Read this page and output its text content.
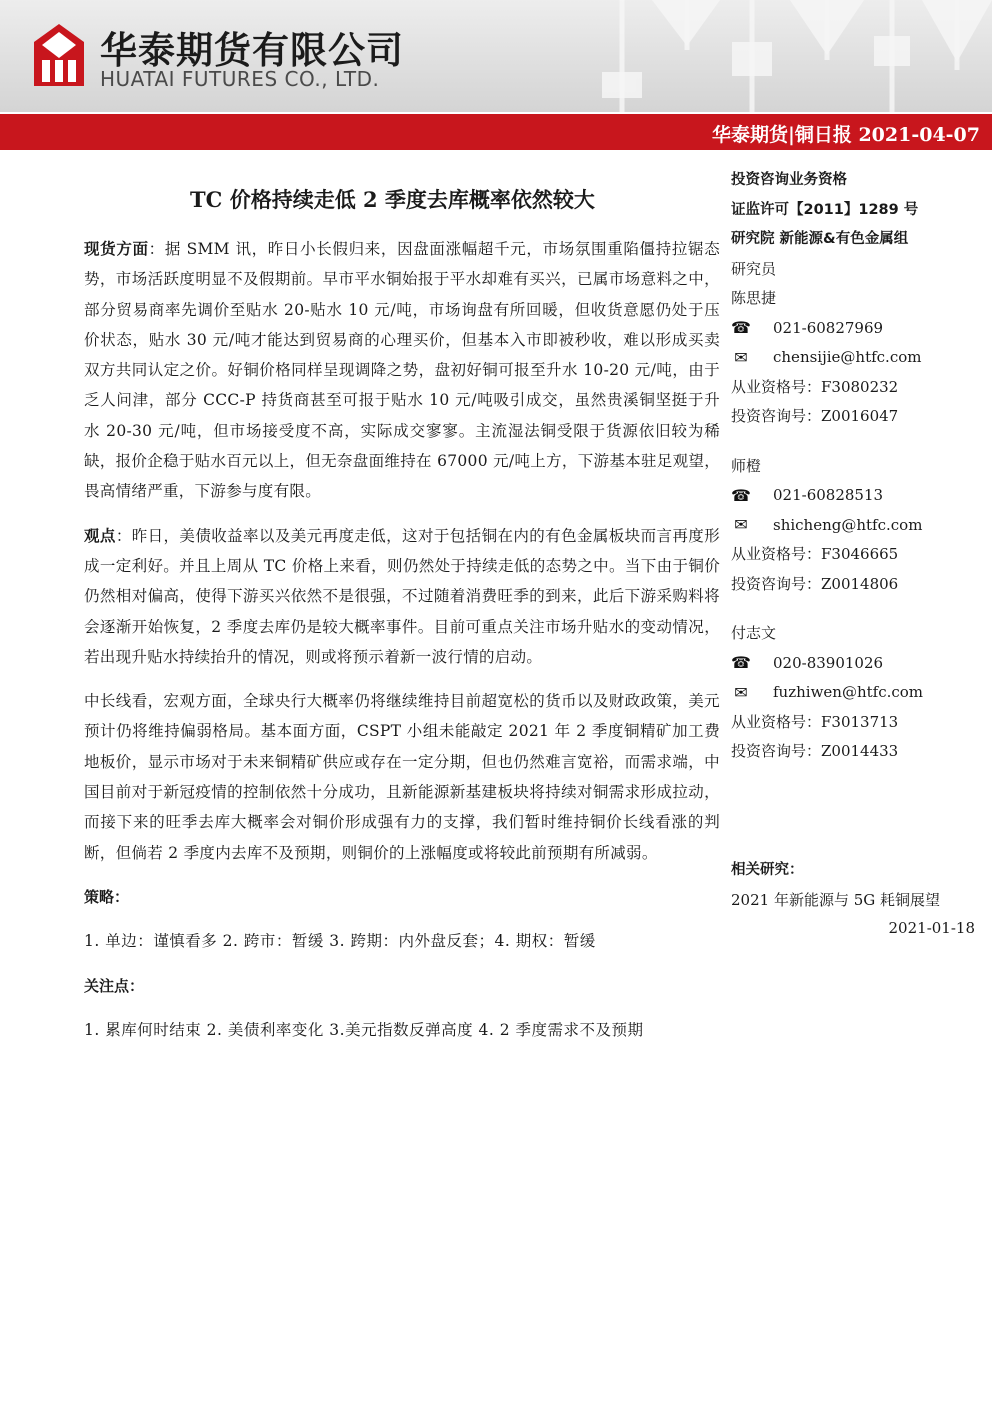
华泰期货有限公司
HUATAI FUTURES CO., LTD.
华泰期货|铜日报 2021-04-07
TC 价格持续走低 2 季度去库概率依然较大

现货方面：据 SMM 讯，昨日小长假归来，因盘面涨幅超千元，市场氛围重陷僵持拉锯态势，市场活跃度明显不及假期前。早市平水铜始报于平水却难有买兴，已属市场意料之中，部分贸易商率先调价至贴水 20-贴水 10 元/吨，市场询盘有所回暖，但收货意愿仍处于压价状态，贴水 30 元/吨才能达到贸易商的心理买价，但基本入市即被秒收，难以形成买卖双方共同认定之价。好铜价格同样呈现调降之势，盘初好铜可报至升水 10-20 元/吨，由于乏人问津，部分 CCC-P 持货商甚至可报于贴水 10 元/吨吸引成交，虽然贵溪铜坚挺于升水 20-30 元/吨，但市场接受度不高，实际成交寥寥。主流湿法铜受限于货源依旧较为稀缺，报价企稳于贴水百元以上，但无奈盘面维持在 67000 元/吨上方，下游基本驻足观望，畏高情绪严重，下游参与度有限。

观点：昨日，美债收益率以及美元再度走低，这对于包括铜在内的有色金属板块而言再度形成一定利好。并且上周从 TC 价格上来看，则仍然处于持续走低的态势之中。当下由于铜价仍然相对偏高，使得下游买兴依然不是很强，不过随着消费旺季的到来，此后下游采购料将会逐渐开始恢复，2 季度去库仍是较大概率事件。目前可重点关注市场升贴水的变动情况，若出现升贴水持续抬升的情况，则或将预示着新一波行情的启动。

中长线看，宏观方面，全球央行大概率仍将继续维持目前超宽松的货币以及财政政策，美元预计仍将维持偏弱格局。基本面方面，CSPT 小组未能敲定 2021 年 2 季度铜精矿加工费地板价，显示市场对于未来铜精矿供应或存在一定分期，但也仍然难言宽裕，而需求端，中国目前对于新冠疫情的控制依然十分成功，且新能源新基建板块将持续对铜需求形成拉动，而接下来的旺季去库大概率会对铜价形成强有力的支撑，我们暂时维持铜价长线看涨的判断，但倘若 2 季度内去库不及预期，则铜价的上涨幅度或将较此前预期有所减弱。

策略：
1. 单边：谨慎看多 2. 跨市：暂缓 3. 跨期：内外盘反套；4. 期权：暂缓
关注点：
1. 累库何时结束 2. 美债利率变化 3.美元指数反弹高度 4. 2 季度需求不及预期
投资咨询业务资格
证监许可【2011】1289 号
研究院 新能源&有色金属组
研究员
陈思捷
☎ 021-60827969
✉ chensijie@htfc.com
从业资格号：F3080232
投资咨询号：Z0016047
师橙
☎ 021-60828513
✉ shicheng@htfc.com
从业资格号：F3046665
投资咨询号：Z0014806
付志文
☎ 020-83901026
✉ fuzhiwen@htfc.com
从业资格号：F3013713
投资咨询号：Z0014433
相关研究：
2021 年新能源与 5G 耗铜展望
2021-01-18
